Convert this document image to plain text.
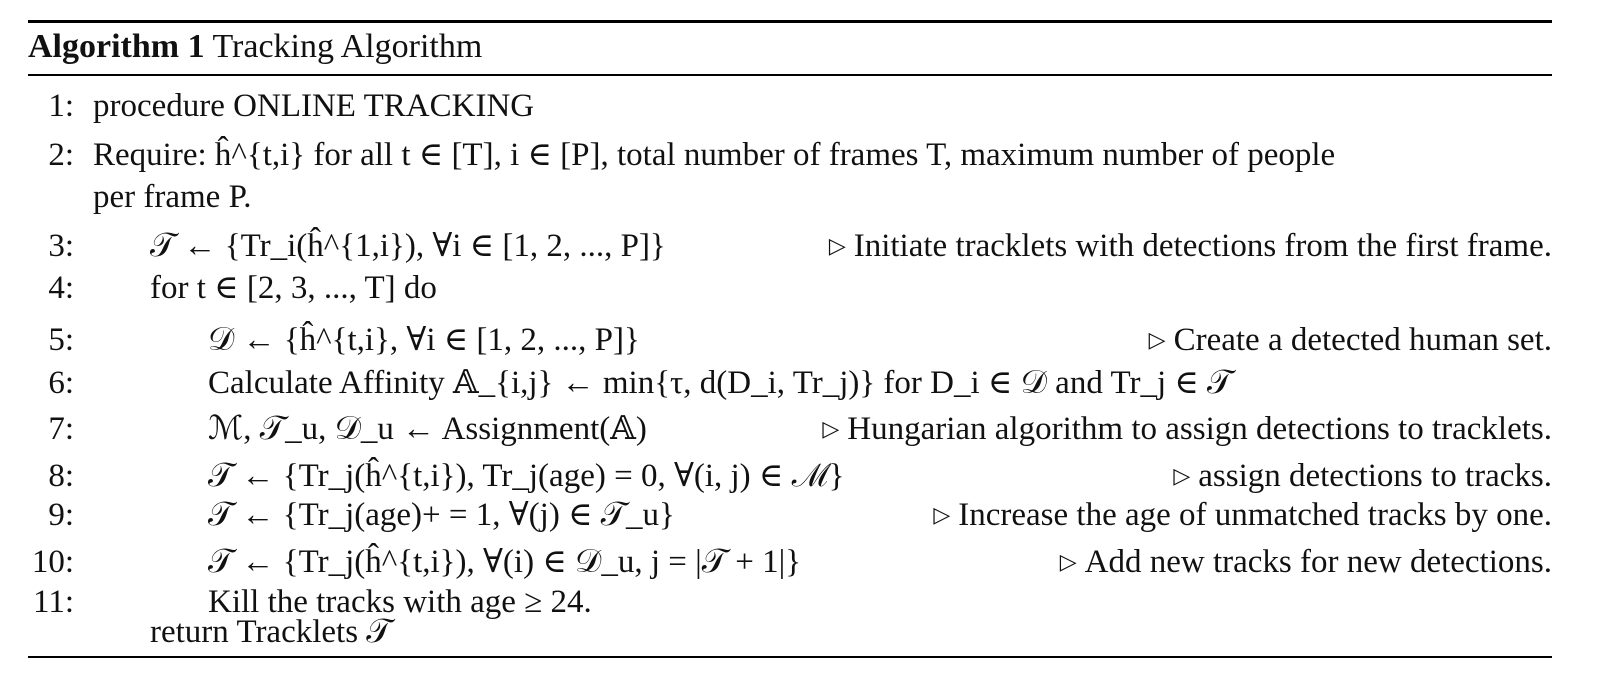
Algorithm 1 Tracking Algorithm
1: procedure ONLINE TRACKING
2: Require: ĥ^{t,i} for all t ∈ [T], i ∈ [P], total number of frames T, maximum number of people
per frame P.
3: 𝒯 ← {Tr_i(ĥ^{1,i}), ∀i ∈ [1, 2, ..., P]}	▷ Initiate tracklets with detections from the first frame.
4: for t ∈ [2, 3, ..., T] do
5:	𝒟 ← {ĥ^{t,i}, ∀i ∈ [1, 2, ..., P]}	▷ Create a detected human set.
6:	Calculate Affinity 𝔸_{i,j} ← min{τ, d(D_i, Tr_j)} for D_i ∈ 𝒟 and Tr_j ∈ 𝒯
7:	ℳ, 𝒯_u, 𝒟_u ← Assignment(𝔸)	▷ Hungarian algorithm to assign detections to tracklets.
8:	𝒯 ← {Tr_j(ĥ^{t,i}), Tr_j(age) = 0, ∀(i, j) ∈ ℳ}	▷ assign detections to tracks.
9:	𝒯 ← {Tr_j(age)+ = 1, ∀(j) ∈ 𝒯_u}	▷ Increase the age of unmatched tracks by one.
10:	𝒯 ← {Tr_j(ĥ^{t,i}), ∀(i) ∈ 𝒟_u, j = |𝒯 + 1|}	▷ Add new tracks for new detections.
11:	Kill the tracks with age ≥ 24.
return Tracklets 𝒯
